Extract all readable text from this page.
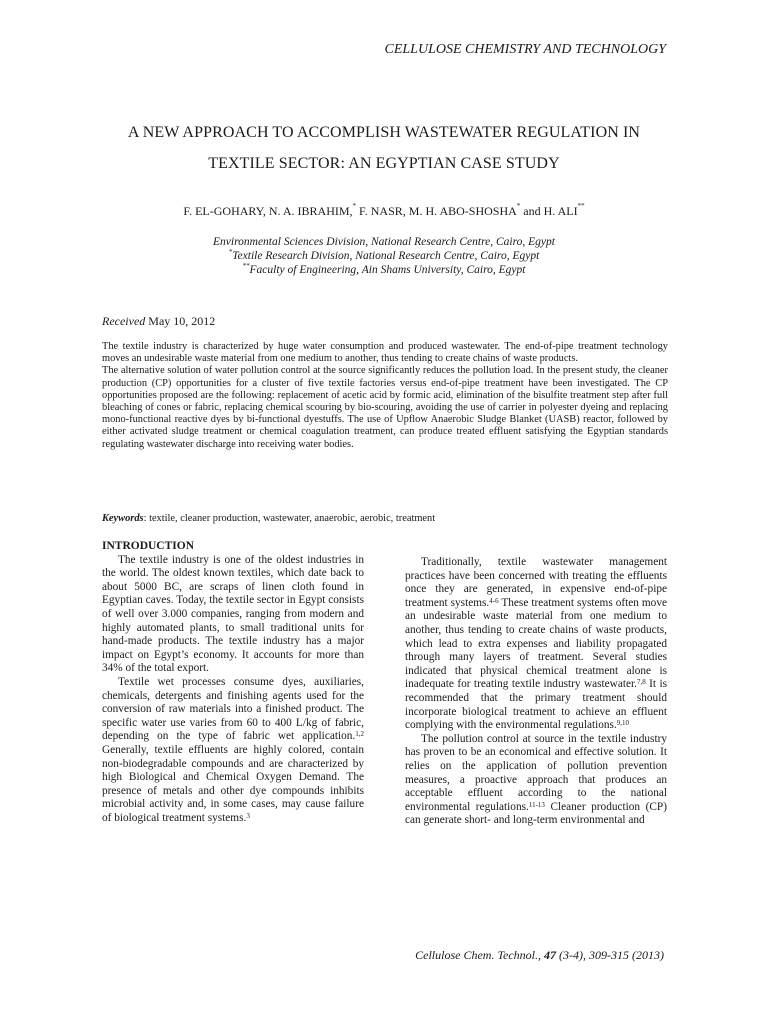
CELLULOSE CHEMISTRY AND TECHNOLOGY
A NEW APPROACH TO ACCOMPLISH WASTEWATER REGULATION IN
TEXTILE SECTOR: AN EGYPTIAN CASE STUDY
F. EL-GOHARY, N. A. IBRAHIM,* F. NASR, M. H. ABO-SHOSHA* and H. ALI**
Environmental Sciences Division, National Research Centre, Cairo, Egypt
*Textile Research Division, National Research Centre, Cairo, Egypt
**Faculty of Engineering, Ain Shams University, Cairo, Egypt
Received May 10, 2012

The textile industry is characterized by huge water consumption and produced wastewater. The end-of-pipe treatment technology moves an undesirable waste material from one medium to another, thus tending to create chains of waste products.

The alternative solution of water pollution control at the source significantly reduces the pollution load. In the present study, the cleaner production (CP) opportunities for a cluster of five textile factories versus end-of-pipe treatment have been investigated. The CP opportunities proposed are the following: replacement of acetic acid by formic acid, elimination of the bisulfite treatment step after full bleaching of cones or fabric, replacing chemical scouring by bio-scouring, avoiding the use of carrier in polyester dyeing and replacing mono-functional reactive dyes by bi-functional dyestuffs. The use of Upflow Anaerobic Sludge Blanket (UASB) reactor, followed by either activated sludge treatment or chemical coagulation treatment, can produce treated effluent satisfying the Egyptian standards regulating wastewater discharge into receiving water bodies.

Keywords: textile, cleaner production, wastewater, anaerobic, aerobic, treatment
INTRODUCTION

The textile industry is one of the oldest industries in the world. The oldest known textiles, which date back to about 5000 BC, are scraps of linen cloth found in Egyptian caves. Today, the textile sector in Egypt consists of well over 3.000 companies, ranging from modern and highly automated plants, to small traditional units for hand-made products. The textile industry has a major impact on Egypt’s economy. It accounts for more than 34% of the total export.

Textile wet processes consume dyes, auxiliaries, chemicals, detergents and finishing agents used for the conversion of raw materials into a finished product. The specific water use varies from 60 to 400 L/kg of fabric, depending on the type of fabric wet application.$^{1,2}$ Generally, textile effluents are highly colored, contain non-biodegradable compounds and are characterized by high Biological and Chemical Oxygen Demand. The presence of metals and other dye compounds inhibits microbial activity and, in some cases, may cause failure of biological treatment systems.$^3$

Traditionally, textile wastewater management practices have been concerned with treating the effluents once they are generated, in expensive end-of-pipe treatment systems.$^{4-6}$ These treatment systems often move an undesirable waste material from one medium to another, thus tending to create chains of waste products, which lead to extra expenses and liability propagated through many layers of treatment. Several studies indicated that physical chemical treatment alone is inadequate for treating textile industry wastewater.$^{7,8}$ It is recommended that the primary treatment should incorporate biological treatment to achieve an effluent complying with the environmental regulations.$^{9,10}$

The pollution control at source in the textile industry has proven to be an economical and effective solution. It relies on the application of pollution prevention measures, a proactive approach that produces an acceptable effluent according to the national environmental regulations.$^{11-13}$ Cleaner production (CP) can generate short- and long-term environmental and

Cellulose Chem. Technol., 47 (3-4), 309-315 (2013)
